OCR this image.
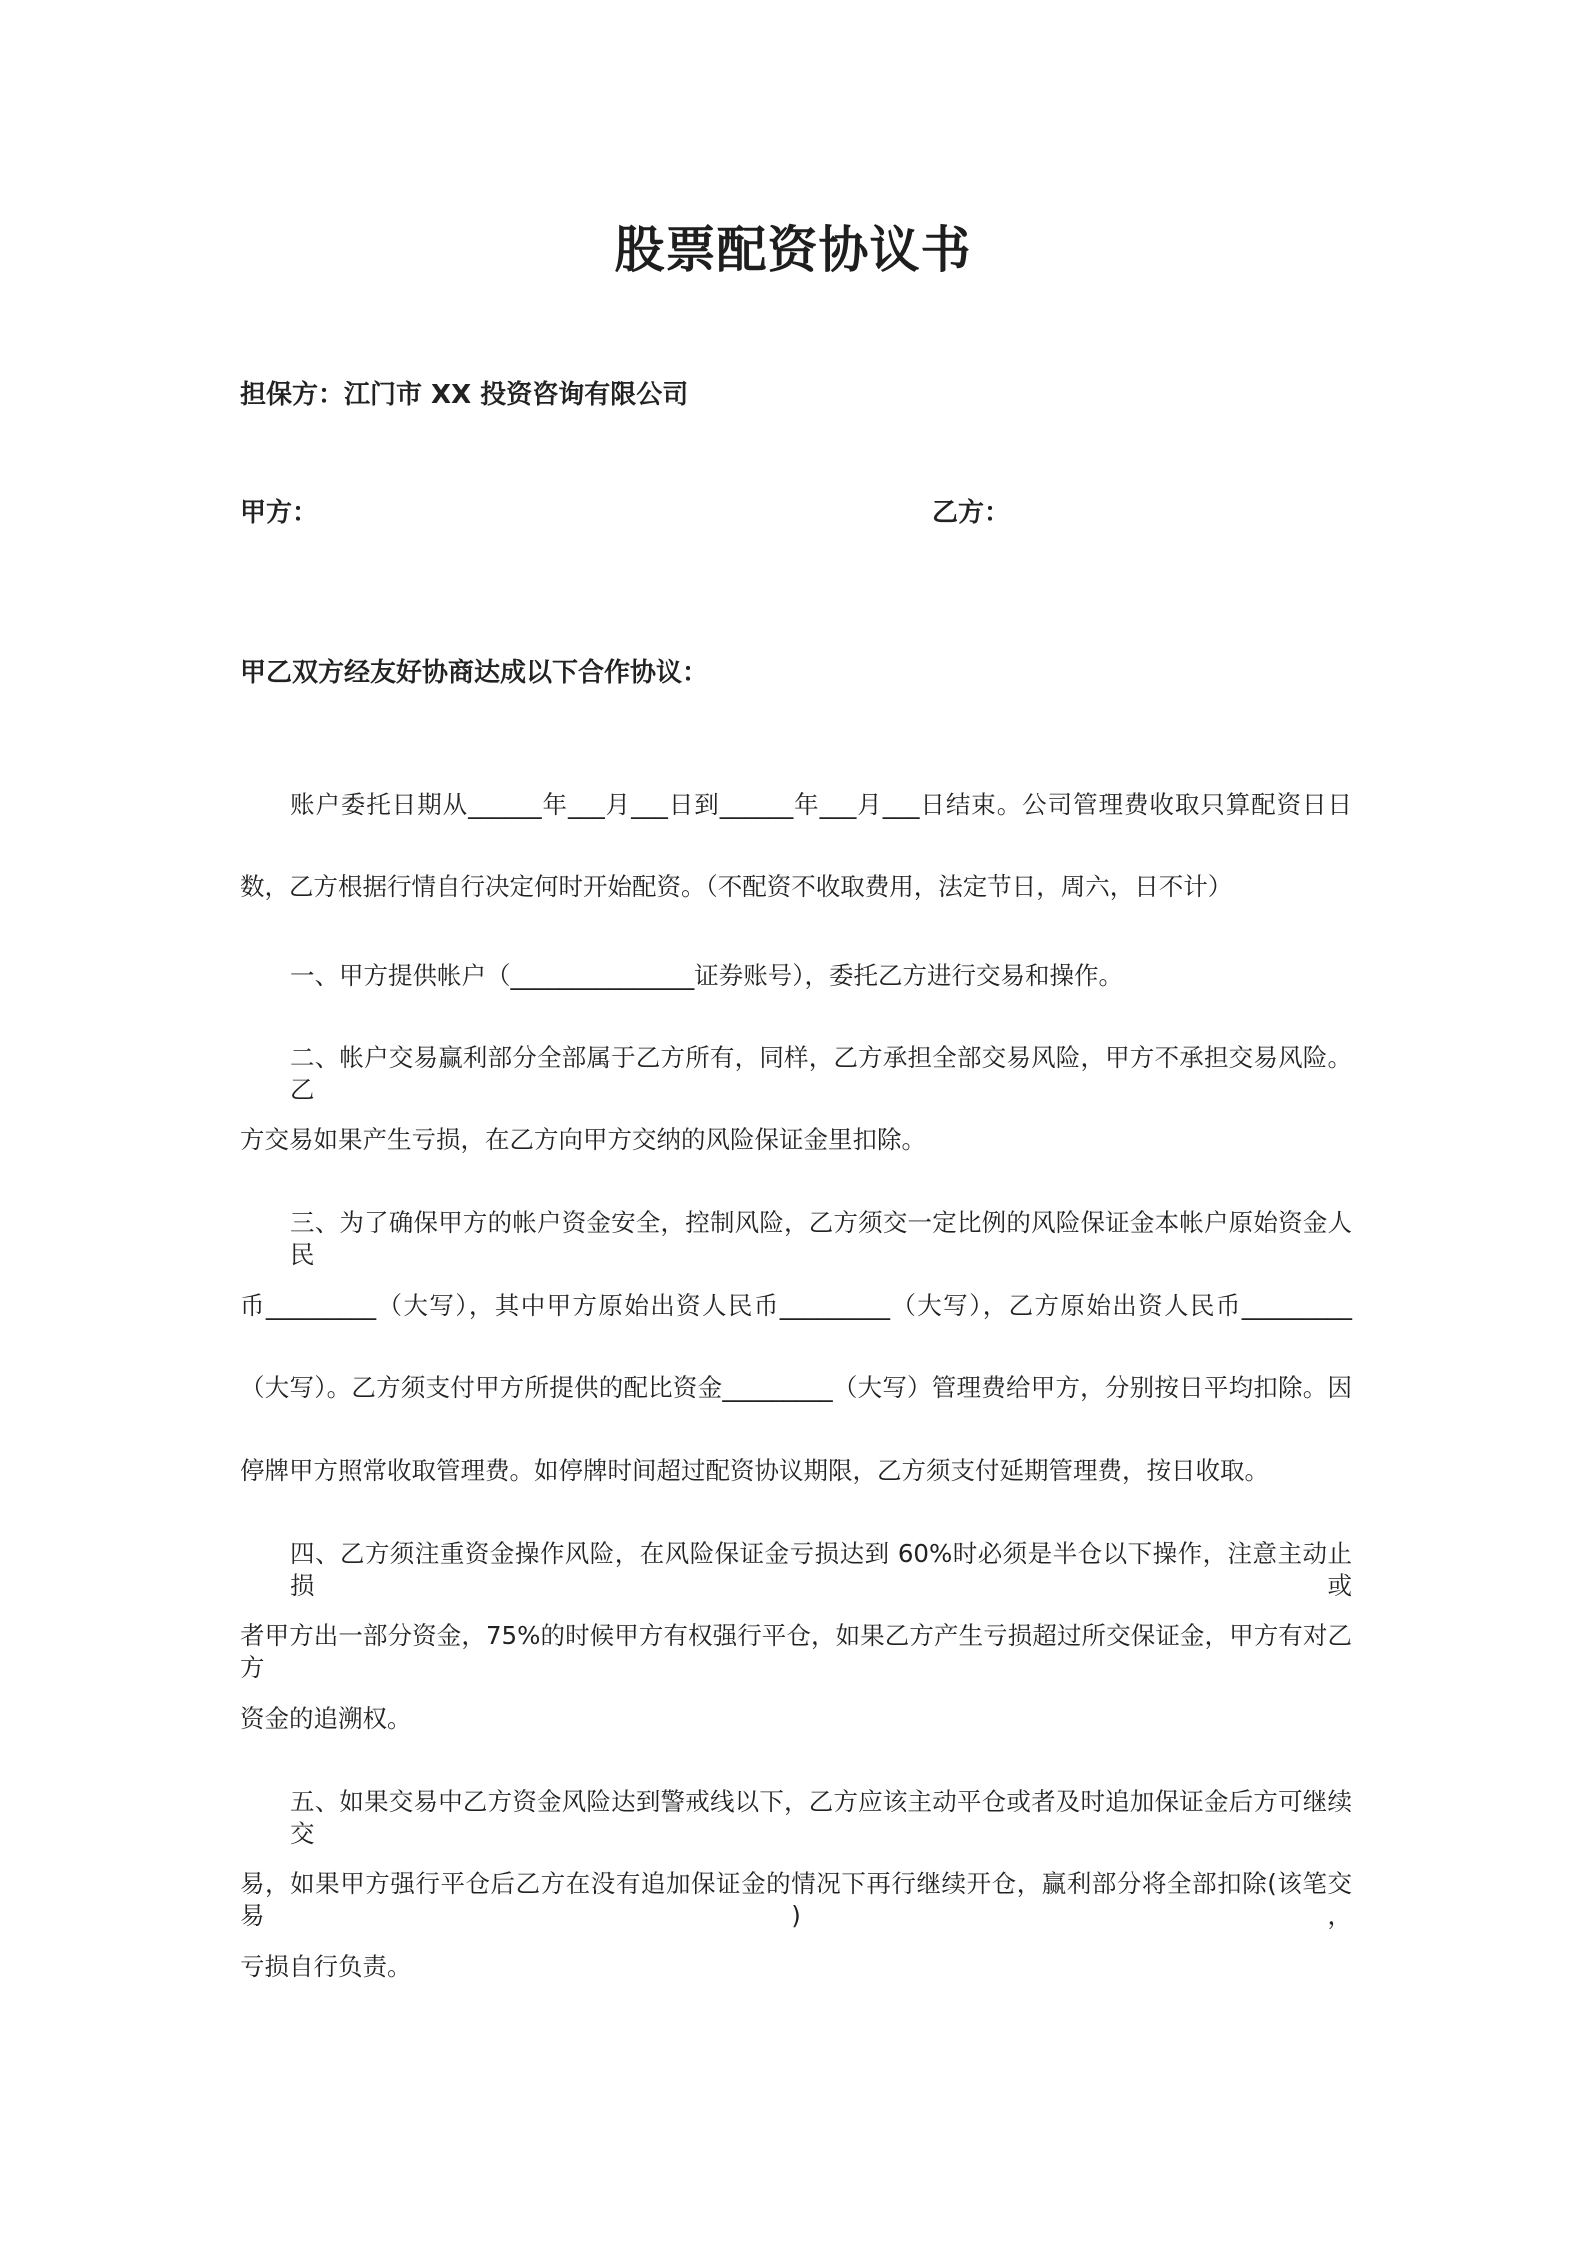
股票配资协议书
担保方：江门市 XX 投资咨询有限公司
甲方：	乙方：
甲乙双方经友好协商达成以下合作协议：
账户委托日期从______年___月___日到______年___月___日结束。公司管理费收取只算配资日日
数，乙方根据行情自行决定何时开始配资。（不配资不收取费用，法定节日，周六，日不计）
一、甲方提供帐户（_______________证券账号），委托乙方进行交易和操作。
二、帐户交易赢利部分全部属于乙方所有，同样，乙方承担全部交易风险，甲方不承担交易风险。乙
方交易如果产生亏损，在乙方向甲方交纳的风险保证金里扣除。
三、为了确保甲方的帐户资金安全，控制风险，乙方须交一定比例的风险保证金本帐户原始资金人民
币_________（大写），其中甲方原始出资人民币_________（大写），乙方原始出资人民币_________
（大写）。乙方须支付甲方所提供的配比资金_________（大写）管理费给甲方，分别按日平均扣除。因
停牌甲方照常收取管理费。如停牌时间超过配资协议期限，乙方须支付延期管理费，按日收取。
四、乙方须注重资金操作风险，在风险保证金亏损达到 60%时必须是半仓以下操作，注意主动止损或
者甲方出一部分资金，75%的时候甲方有权强行平仓，如果乙方产生亏损超过所交保证金，甲方有对乙方
资金的追溯权。
五、如果交易中乙方资金风险达到警戒线以下，乙方应该主动平仓或者及时追加保证金后方可继续交
易，如果甲方强行平仓后乙方在没有追加保证金的情况下再行继续开仓，赢利部分将全部扣除(该笔交易)，
亏损自行负责。
